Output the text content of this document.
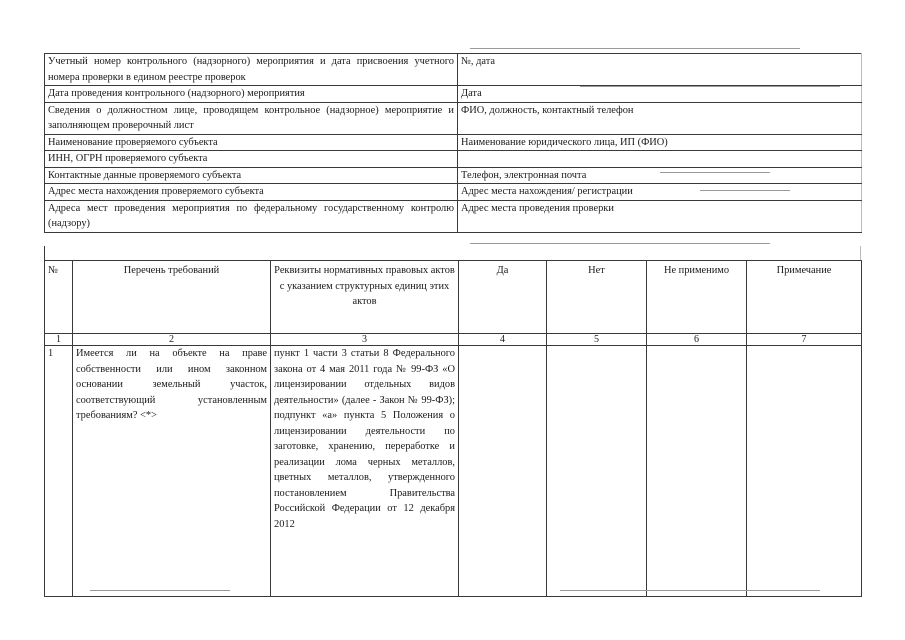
Учетный номер контрольного (надзорного) мероприятия и дата присвоения учетного номера проверки в едином реестре проверок	№, дата
Дата проведения контрольного (надзорного) мероприятия	Дата
Сведения о должностном лице, проводящем контрольное (надзорное) мероприятие и заполняющем проверочный лист	ФИО, должность, контактный телефон
Наименование проверяемого субъекта	Наименование юридического лица, ИП (ФИО)
ИНН, ОГРН проверяемого субъекта	
Контактные данные проверяемого субъекта	Телефон, электронная почта
Адрес места нахождения проверяемого субъекта	Адрес места нахождения/ регистрации
Адреса мест проведения мероприятия по федеральному государственному контролю (надзору)	Адрес места проведения проверки
№	Перечень требований	Реквизиты нормативных правовых актов с указанием структурных единиц этих актов	Да	Нет	Не применимо	Примечание
1	2	3	4	5	6	7
1	Имеется ли на объекте на праве собственности или ином законном основании земельный участок, соответствующий установленным требованиям? <*>	пункт 1 части 3 статьи 8 Федерального закона от 4 мая 2011 года № 99-ФЗ «О лицензировании отдельных видов деятельности» (далее - Закон № 99-ФЗ); подпункт «а» пункта 5 Положения о лицензировании деятельности по заготовке, хранению, переработке и реализации лома черных металлов, цветных металлов, утвержденного постановлением Правительства Российской Федерации от 12 декабря 2012				
